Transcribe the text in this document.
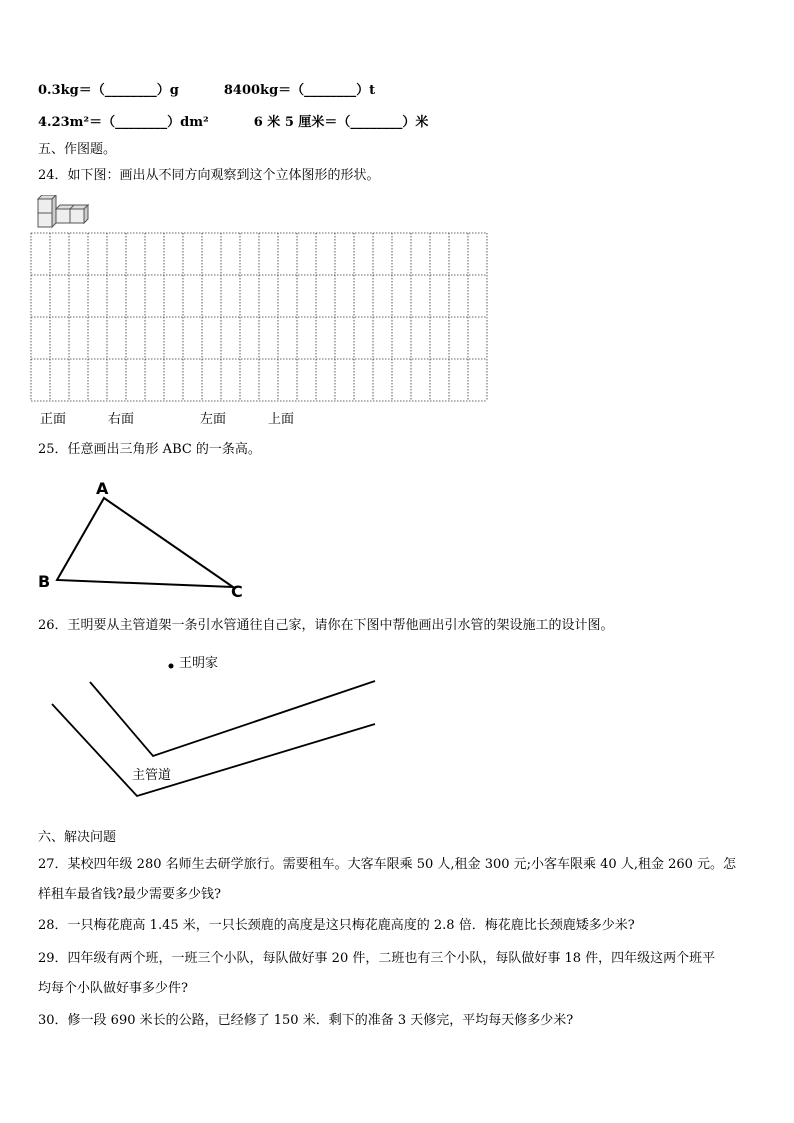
0.3kg＝（________）g	8400kg＝（________）t
4.23m²＝（________）dm²	6 米 5 厘米＝（________）米
五、作图题。
24．如下图：画出从不同方向观察到这个立体图形的形状。
正面	右面	左面	上面
25．任意画出三角形 ABC 的一条高。
A
B
C
26．王明要从主管道架一条引水管通往自己家，请你在下图中帮他画出引水管的架设施工的设计图。
王明家
主管道
六、解决问题
27．某校四年级 280 名师生去研学旅行。需要租车。大客车限乘 50 人,租金 300 元;小客车限乘 40 人,租金 260 元。怎
样租车最省钱?最少需要多少钱?
28．一只梅花鹿高 1.45 米，一只长颈鹿的高度是这只梅花鹿高度的 2.8 倍．梅花鹿比长颈鹿矮多少米?
29．四年级有两个班，一班三个小队，每队做好事 20 件，二班也有三个小队，每队做好事 18 件，四年级这两个班平
均每个小队做好事多少件?
30．修一段 690 米长的公路，已经修了 150 米．剩下的准备 3 天修完，平均每天修多少米?
